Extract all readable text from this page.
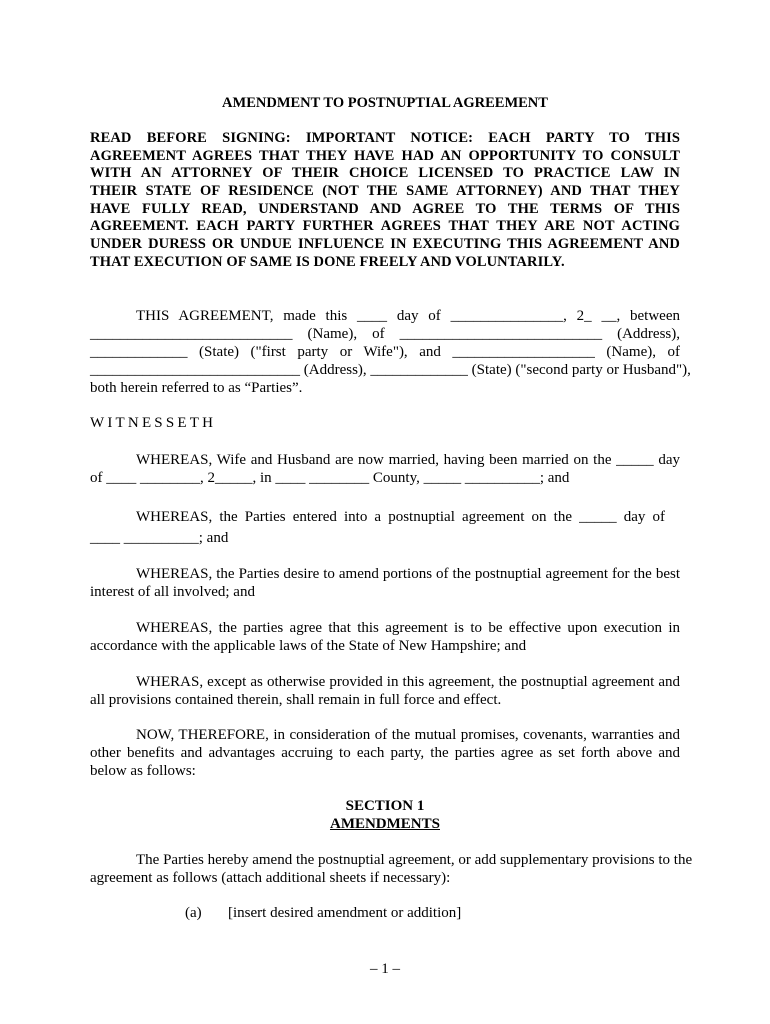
AMENDMENT TO POSTNUPTIAL AGREEMENT
READ BEFORE SIGNING: IMPORTANT NOTICE: EACH PARTY TO THIS
AGREEMENT AGREES THAT THEY HAVE HAD AN OPPORTUNITY TO CONSULT
WITH AN ATTORNEY OF THEIR CHOICE LICENSED TO PRACTICE LAW IN
THEIR STATE OF RESIDENCE (NOT THE SAME ATTORNEY) AND THAT THEY
HAVE FULLY READ, UNDERSTAND AND AGREE TO THE TERMS OF THIS
AGREEMENT. EACH PARTY FURTHER AGREES THAT THEY ARE NOT ACTING
UNDER DURESS OR UNDUE INFLUENCE IN EXECUTING THIS AGREEMENT AND
THAT EXECUTION OF SAME IS DONE FREELY AND VOLUNTARILY.
THIS AGREEMENT, made this ____ day of _______________, 2_ __, between
___________________________ (Name), of ___________________________ (Address),
_____________ (State) ("first party or Wife"), and ___________________ (Name), of
____________________________ (Address), _____________ (State) ("second party or Husband"),
both herein referred to as “Parties”.
WITNESSETH
WHEREAS, Wife and Husband are now married, having been married on the _____ day
of ____ ________, 2_____, in ____ ________ County, _____ __________; and
WHEREAS, the Parties entered into a postnuptial agreement on the _____ day of
____ __________; and
WHEREAS, the Parties desire to amend portions of the postnuptial agreement for the best
interest of all involved; and
WHEREAS, the parties agree that this agreement is to be effective upon execution in
accordance with the applicable laws of the State of New Hampshire; and
WHERAS, except as otherwise provided in this agreement, the postnuptial agreement and
all provisions contained therein, shall remain in full force and effect.
NOW, THEREFORE, in consideration of the mutual promises, covenants, warranties and
other benefits and advantages accruing to each party, the parties agree as set forth above and
below as follows:
SECTION 1
AMENDMENTS
The Parties hereby amend the postnuptial agreement, or add supplementary provisions to the
agreement as follows (attach additional sheets if necessary):
(a) [insert desired amendment or addition]
– 1 –
